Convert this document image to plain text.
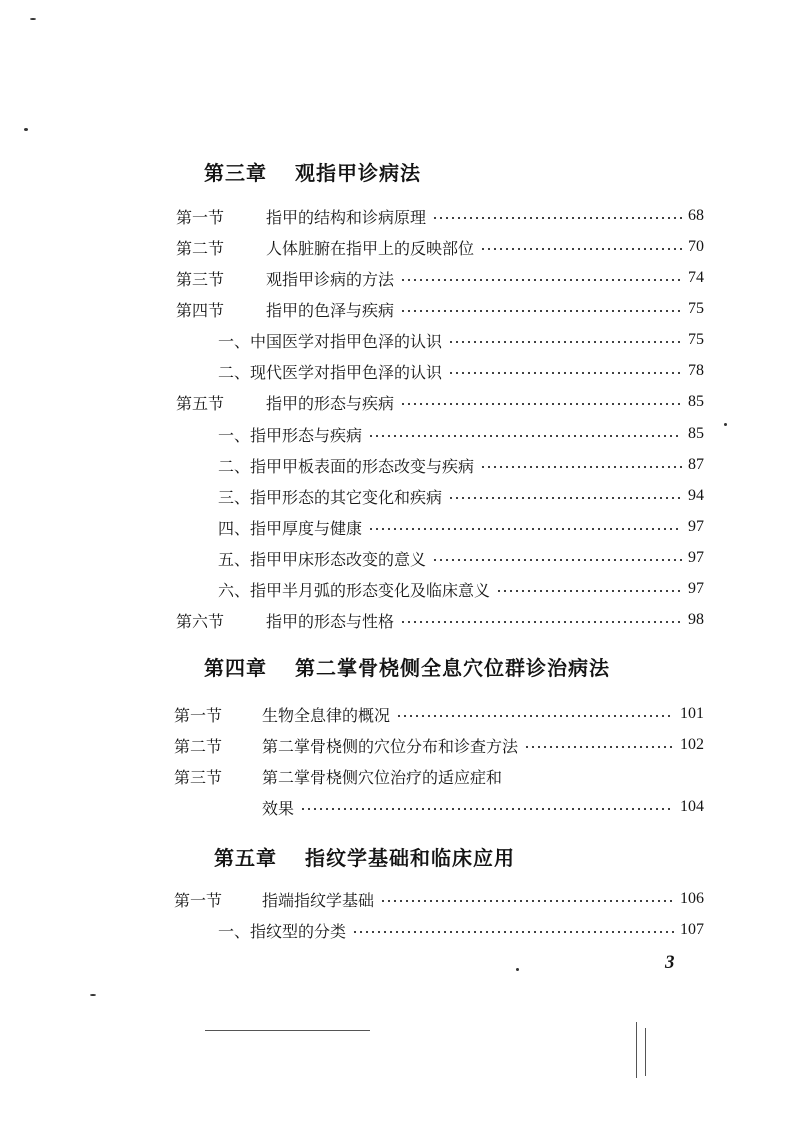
第三章 观指甲诊病法
第四章 第二掌骨桡侧全息穴位群诊治病法
第五章 指纹学基础和临床应用
第一节	指甲的结构和诊病原理	68
第二节	人体脏腑在指甲上的反映部位	70
第三节	观指甲诊病的方法	74
第四节	指甲的色泽与疾病	75
一、中国医学对指甲色泽的认识	75
二、现代医学对指甲色泽的认识	78
第五节	指甲的形态与疾病	85
一、指甲形态与疾病	85
二、指甲甲板表面的形态改变与疾病	87
三、指甲形态的其它变化和疾病	94
四、指甲厚度与健康	97
五、指甲甲床形态改变的意义	97
六、指甲半月弧的形态变化及临床意义	97
第六节	指甲的形态与性格	98
第一节	生物全息律的概况	101
第二节	第二掌骨桡侧的穴位分布和诊查方法	102
第三节	第二掌骨桡侧穴位治疗的适应症和
效果	104
第一节	指端指纹学基础	106
一、指纹型的分类	107
3
